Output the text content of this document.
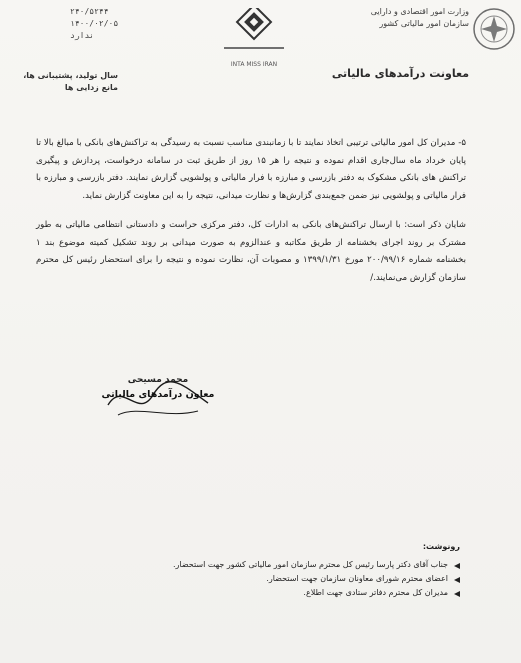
وزارت امور اقتصادی و دارایی
سازمان امور مالیاتی کشور
معاونت درآمدهای مالیاتی
INTA MISS IRAN
۲۴۰/۵۲۴۴
۱۴۰۰/۰۲/۰۵
ندارد
سال تولید، پشتیبانی ها،
مانع زدایی ها

۵- مدیران کل امور مالیاتی ترتیبی اتخاذ نمایند تا با زمانبندی مناسب نسبت به رسیدگی به تراکنش‌های بانکی با مبالغ بالا تا پایان خرداد ماه سال‌جاری اقدام نموده و نتیجه را هر ۱۵ روز از طریق ثبت در سامانه درخواست، پردازش و پیگیری تراکنش های بانکی مشکوک به دفتر بازرسی و مبارزه با فرار مالیاتی و پولشویی گزارش نمایند. دفتر بازرسی و مبارزه با فرار مالیاتی و پولشویی نیز ضمن جمع‌بندی گزارش‌ها و نظارت میدانی، نتیجه را به این معاونت گزارش نماید.

شایان ذکر است: با ارسال تراکنش‌های بانکی به ادارات کل، دفتر مرکزی حراست و دادستانی انتظامی مالیاتی به طور مشترک بر روند اجرای بخشنامه از طریق مکاتبه و عندالزوم به صورت میدانی بر روند تشکیل کمیته موضوع بند ۱ بخشنامه شماره ۲۰۰/۹۹/۱۶ مورخ ۱۳۹۹/۱/۳۱ و مصوبات آن، نظارت نموده و نتیجه را برای استحضار رئیس کل محترم سازمان گزارش می‌نمایند./

محمد مسیحی
معاون درآمدهای مالیاتی
رونوشت:
جناب آقای دکتر پارسا رئیس کل محترم سازمان امور مالیاتی کشور جهت استحضار.
اعضای محترم شورای معاونان سازمان جهت استحضار.
مدیران کل محترم دفاتر ستادی جهت اطلاع.
